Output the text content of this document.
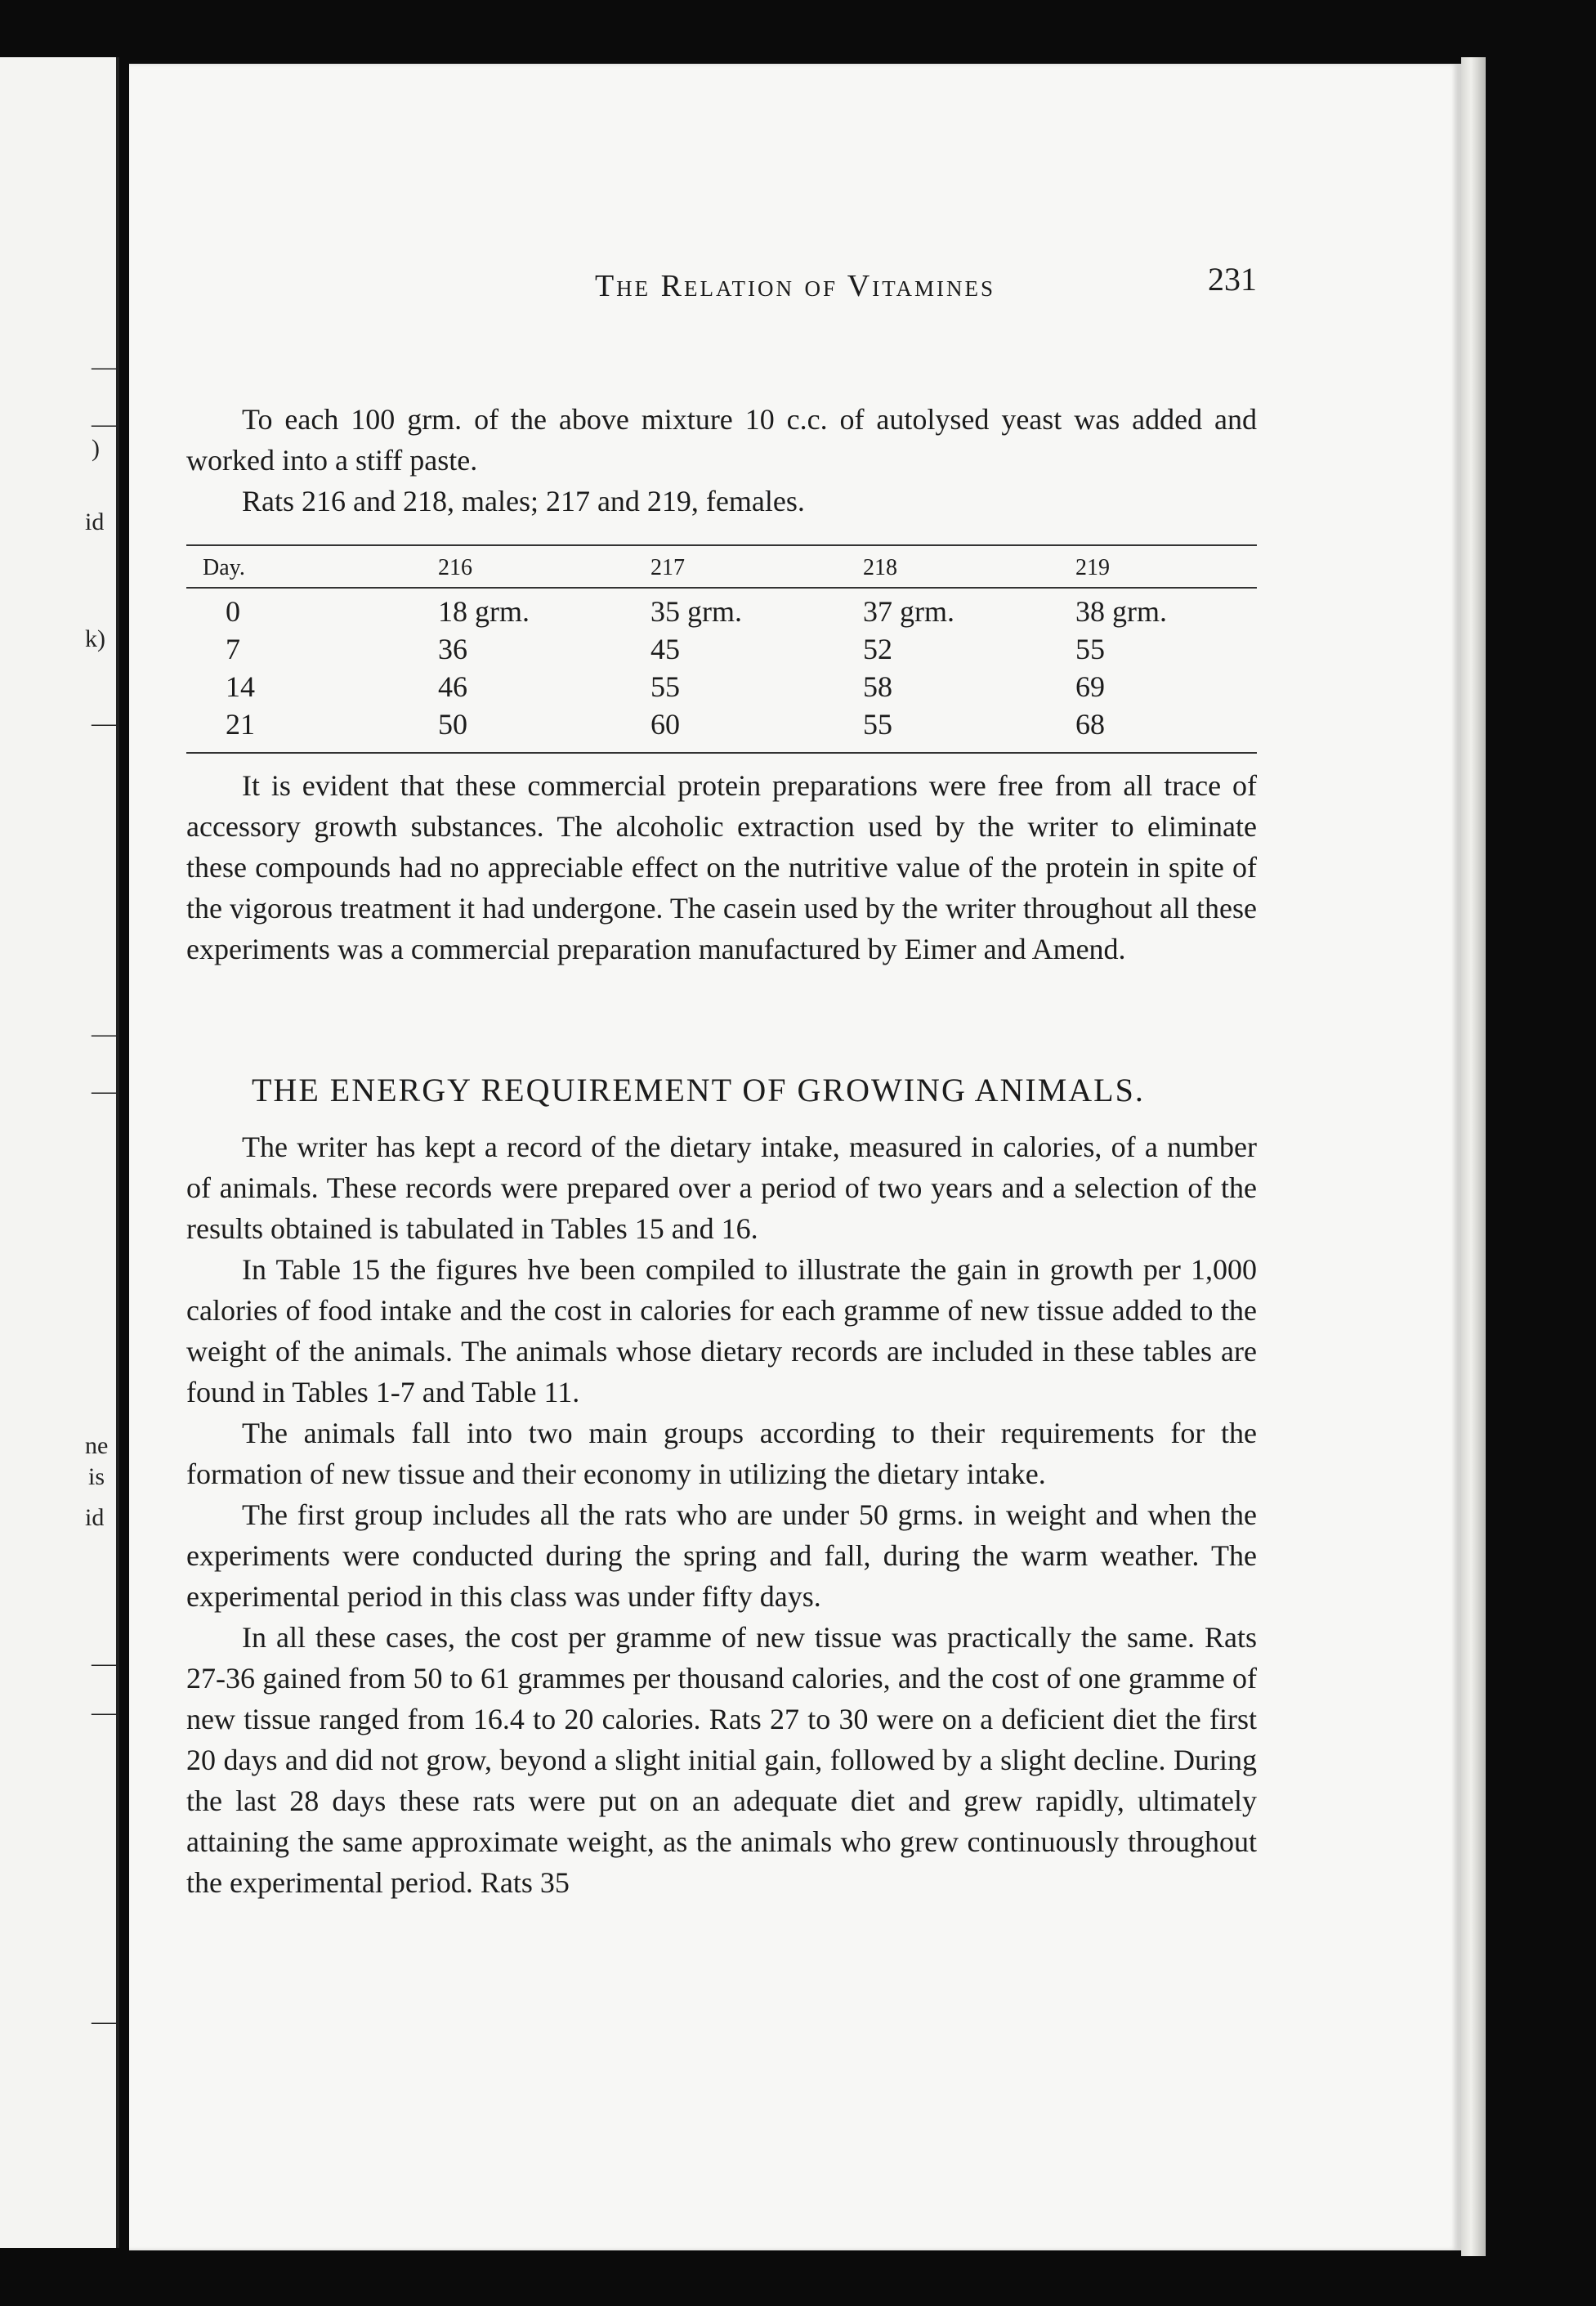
—
—
)
id
k)
—
—
—
ne
is
id
—
—
—
The Relation of Vitamines	231

To each 100 grm. of the above mixture 10 c.c. of autolysed yeast was added and worked into a stiff paste.

Rats 216 and 218, males; 217 and 219, females.

Day.	216	217	218	219
0	18 grm.	35 grm.	37 grm.	38 grm.
7	36	45	52	55
14	46	55	58	69
21	50	60	55	68

It is evident that these commercial protein preparations were free from all trace of accessory growth substances. The alcoholic extraction used by the writer to eliminate these compounds had no appreciable effect on the nutritive value of the protein in spite of the vigorous treatment it had undergone. The casein used by the writer throughout all these experiments was a commercial preparation manufactured by Eimer and Amend.

THE ENERGY REQUIREMENT OF GROWING ANIMALS.

The writer has kept a record of the dietary intake, measured in calories, of a number of animals. These records were prepared over a period of two years and a selection of the results obtained is tabulated in Tables 15 and 16.

In Table 15 the figures hve been compiled to illustrate the gain in growth per 1,000 calories of food intake and the cost in calories for each gramme of new tissue added to the weight of the animals. The animals whose dietary records are included in these tables are found in Tables 1-7 and Table 11.

The animals fall into two main groups according to their requirements for the formation of new tissue and their economy in utilizing the dietary intake.

The first group includes all the rats who are under 50 grms. in weight and when the experiments were conducted during the spring and fall, during the warm weather. The experimental period in this class was under fifty days.

In all these cases, the cost per gramme of new tissue was practically the same. Rats 27-36 gained from 50 to 61 grammes per thousand calories, and the cost of one gramme of new tissue ranged from 16.4 to 20 calories. Rats 27 to 30 were on a deficient diet the first 20 days and did not grow, beyond a slight initial gain, followed by a slight decline. During the last 28 days these rats were put on an adequate diet and grew rapidly, ultimately attaining the same approximate weight, as the animals who grew continuously throughout the experimental period. Rats 35
